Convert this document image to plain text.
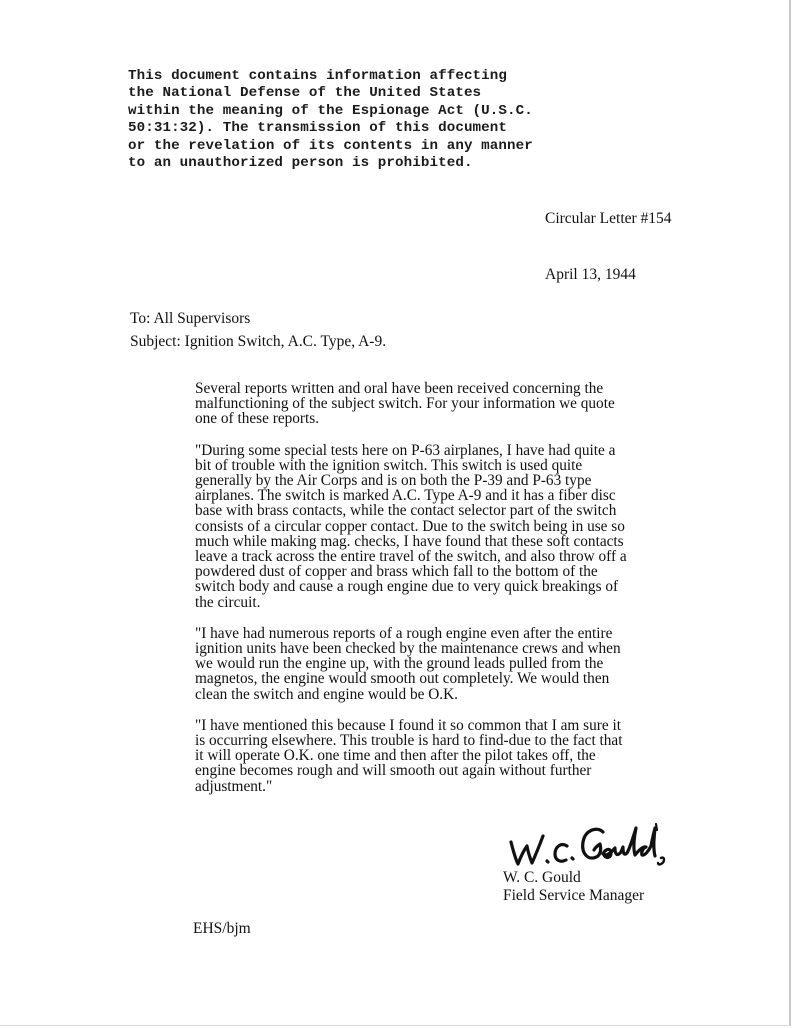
This document contains information affecting
the National Defense of the United States
within the meaning of the Espionage Act (U.S.C.
50:31:32). The transmission of this document
or the revelation of its contents in any manner
to an unauthorized person is prohibited.
Circular Letter #154
April 13, 1944
To: All Supervisors
Subject: Ignition Switch, A.C. Type, A-9.

Several reports written and oral have been received concerning the
malfunctioning of the subject switch. For your information we quote
one of these reports.

"During some special tests here on P-63 airplanes, I have had quite a
bit of trouble with the ignition switch. This switch is used quite
generally by the Air Corps and is on both the P-39 and P-63 type
airplanes. The switch is marked A.C. Type A-9 and it has a fiber disc
base with brass contacts, while the contact selector part of the switch
consists of a circular copper contact. Due to the switch being in use so
much while making mag. checks, I have found that these soft contacts
leave a track across the entire travel of the switch, and also throw off a
powdered dust of copper and brass which fall to the bottom of the
switch body and cause a rough engine due to very quick breakings of
the circuit.

"I have had numerous reports of a rough engine even after the entire
ignition units have been checked by the maintenance crews and when
we would run the engine up, with the ground leads pulled from the
magnetos, the engine would smooth out completely. We would then
clean the switch and engine would be O.K.

"I have mentioned this because I found it so common that I am sure it
is occurring elsewhere. This trouble is hard to find-due to the fact that
it will operate O.K. one time and then after the pilot takes off, the
engine becomes rough and will smooth out again without further
adjustment."

W. C. Gould
Field Service Manager
EHS/bjm
